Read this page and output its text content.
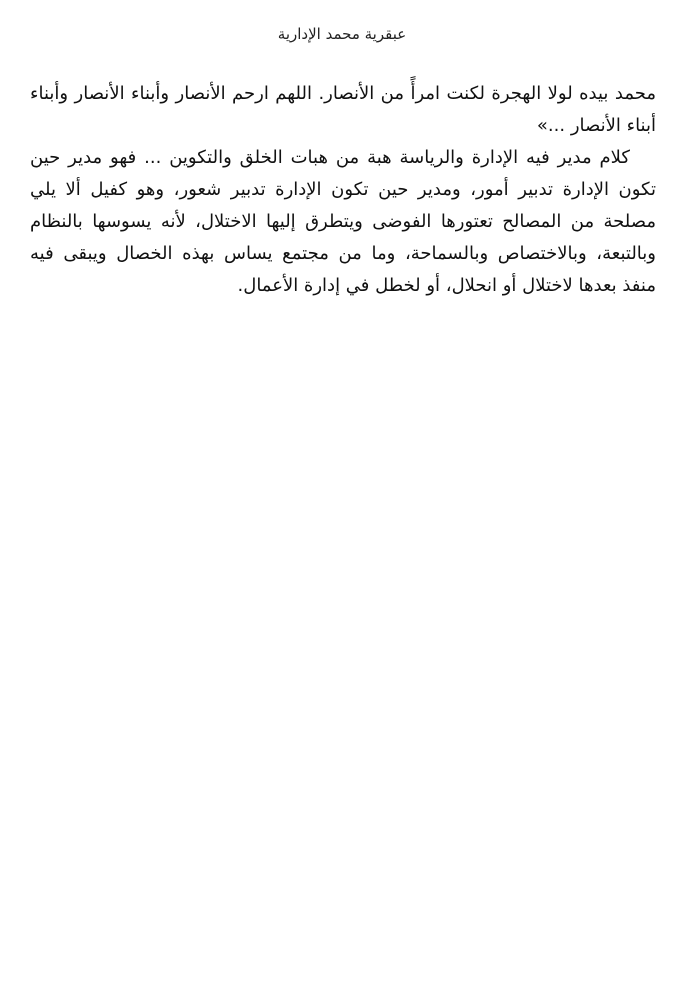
عبقرية محمد الإدارية

محمد بيده لولا الهجرة لكنت امرأً من الأنصار. اللهم ارحم الأنصار وأبناء الأنصار وأبناء أبناء الأنصار ...»

كلام مدير فيه الإدارة والرياسة هبة من هبات الخلق والتكوين ... فهو مدير حين تكون الإدارة تدبير أمور، ومدير حين تكون الإدارة تدبير شعور، وهو كفيل ألا يلي مصلحة من المصالح تعتورها الفوضى ويتطرق إليها الاختلال، لأنه يسوسها بالنظام وبالتبعة، وبالاختصاص وبالسماحة، وما من مجتمع يساس بهذه الخصال ويبقى فيه منفذ بعدها لاختلال أو انحلال، أو لخطل في إدارة الأعمال.
